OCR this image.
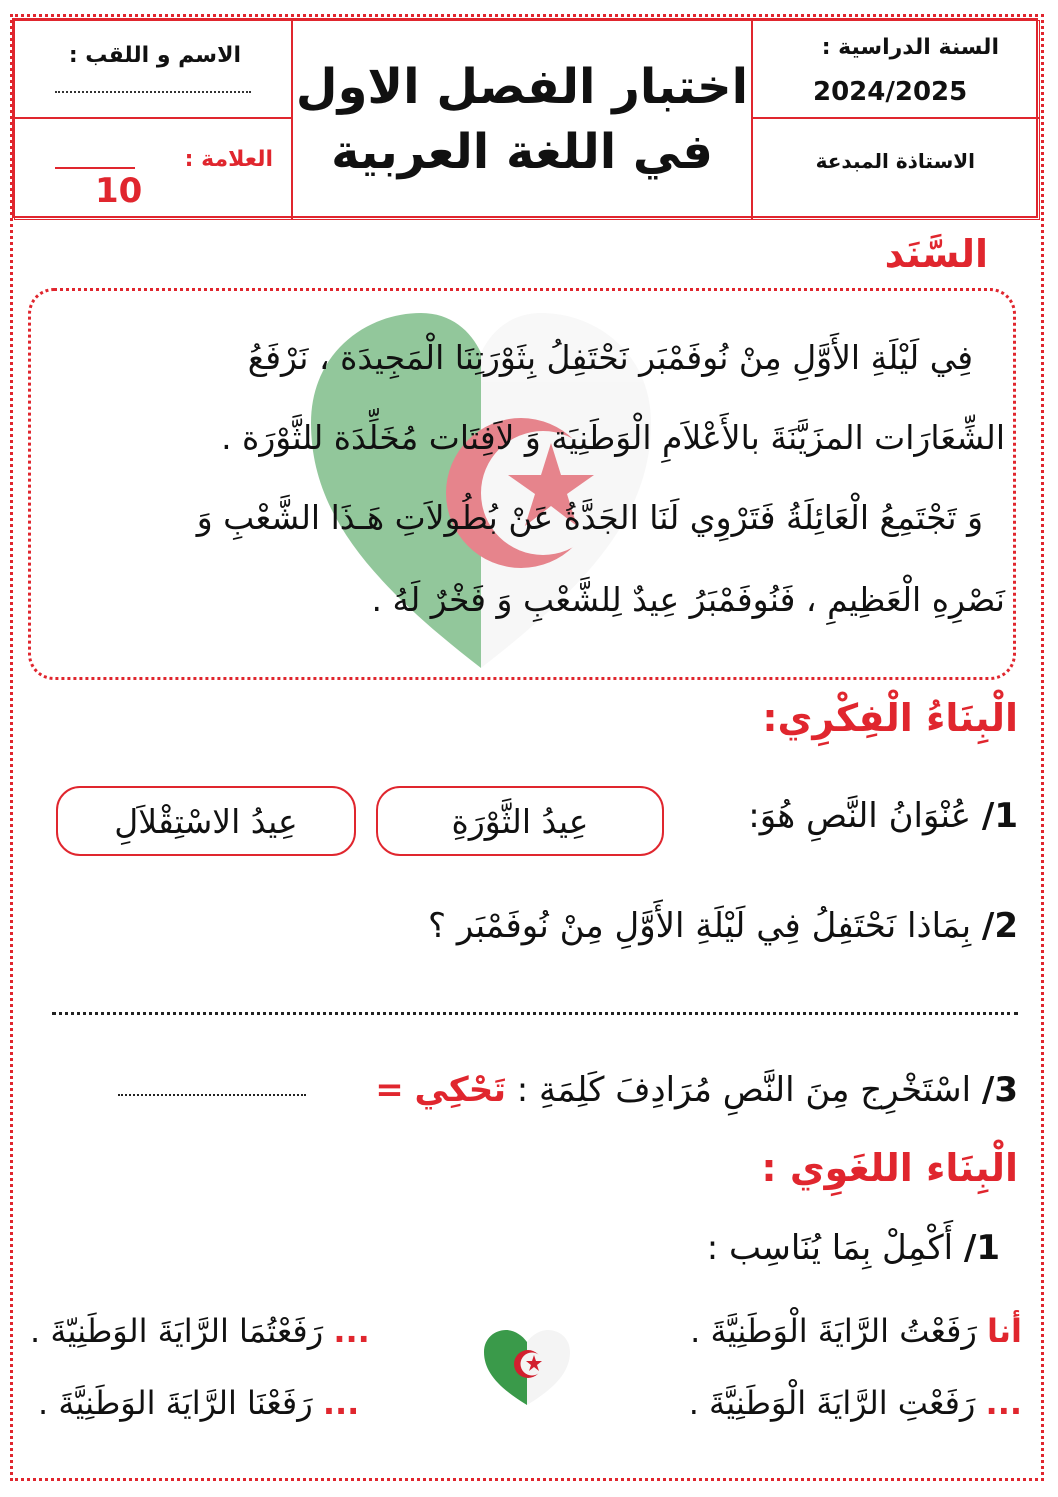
الاسم و اللقب :
العلامة :
10
اختبار الفصل الاول
في اللغة العربية
السنة الدراسية :
2024/2025
الاستاذة المبدعة
السَّنَد
فِي لَيْلَةِ الأَوَّلِ مِنْ نُوفَمْبَر نَحْتَفِلُ بِثَوْرَتِنَا الْمَجِيدَة ، نَرْفَعُ
الشِّعَارَات المزَيَّنَةَ بالأَعْلاَمِ الْوَطَنِيَة وَ لاَفِتَات مُخَلِّدَة للثَّوْرَة .
وَ تَجْتَمِعُ الْعَائِلَةُ فَتَرْوِي لَنَا الجَدَّةُ عَنْ بُطُولاَتِ هَـذَا الشَّعْبِ وَ
نَصْرِهِ الْعَظِيمِ ، فَنُوفَمْبَرُ عِيدٌ لِلشَّعْبِ وَ فَخْرٌ لَهُ .
الْبِنَاءُ الْفِكْرِي:
1/ عُنْوَانُ النَّصِ هُوَ:
عِيدُ الثَّوْرَةِ
عِيدُ الاسْتِقْلاَلِ
2/ بِمَاذا نَحْتَفِلُ فِي لَيْلَةِ الأَوَّلِ مِنْ نُوفَمْبَر ؟
3/ اسْتَخْرِج مِنَ النَّصِ مُرَادِفَ كَلِمَةِ : تَحْكِي =
الْبِنَاء اللغَوِي :
1/ أَكْمِلْ بِمَا يُنَاسِب :
أنا رَفَعْتُ الرَّايَةَ الْوَطَنِيَّةَ .
... رَفَعْتُمَا الرَّايَةَ الوَطَنِيّةَ .
... رَفَعْتِ الرَّايَةَ الْوَطَنِيَّةَ .
... رَفَعْنَا الرَّايَةَ الوَطَنِيَّةَ .
